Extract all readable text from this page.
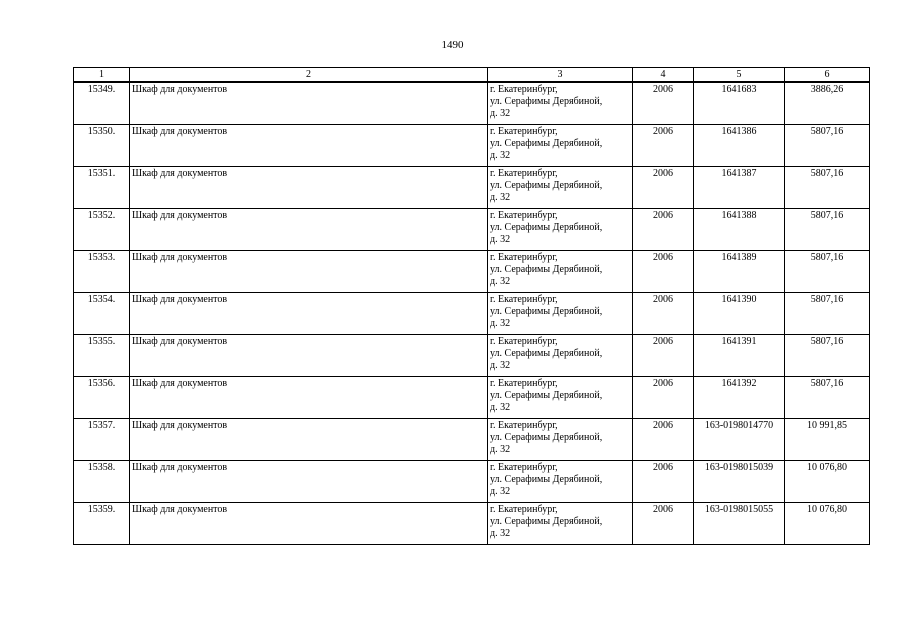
1490
1	2	3	4	5	6
15349.	Шкаф для документов	г. Екатеринбург,
ул. Серафимы Дерябиной,
д. 32	2006	1641683	3886,26
15350.	Шкаф для документов	г. Екатеринбург,
ул. Серафимы Дерябиной,
д. 32	2006	1641386	5807,16
15351.	Шкаф для документов	г. Екатеринбург,
ул. Серафимы Дерябиной,
д. 32	2006	1641387	5807,16
15352.	Шкаф для документов	г. Екатеринбург,
ул. Серафимы Дерябиной,
д. 32	2006	1641388	5807,16
15353.	Шкаф для документов	г. Екатеринбург,
ул. Серафимы Дерябиной,
д. 32	2006	1641389	5807,16
15354.	Шкаф для документов	г. Екатеринбург,
ул. Серафимы Дерябиной,
д. 32	2006	1641390	5807,16
15355.	Шкаф для документов	г. Екатеринбург,
ул. Серафимы Дерябиной,
д. 32	2006	1641391	5807,16
15356.	Шкаф для документов	г. Екатеринбург,
ул. Серафимы Дерябиной,
д. 32	2006	1641392	5807,16
15357.	Шкаф для документов	г. Екатеринбург,
ул. Серафимы Дерябиной,
д. 32	2006	163-0198014770	10 991,85
15358.	Шкаф для документов	г. Екатеринбург,
ул. Серафимы Дерябиной,
д. 32	2006	163-0198015039	10 076,80
15359.	Шкаф для документов	г. Екатеринбург,
ул. Серафимы Дерябиной,
д. 32	2006	163-0198015055	10 076,80
